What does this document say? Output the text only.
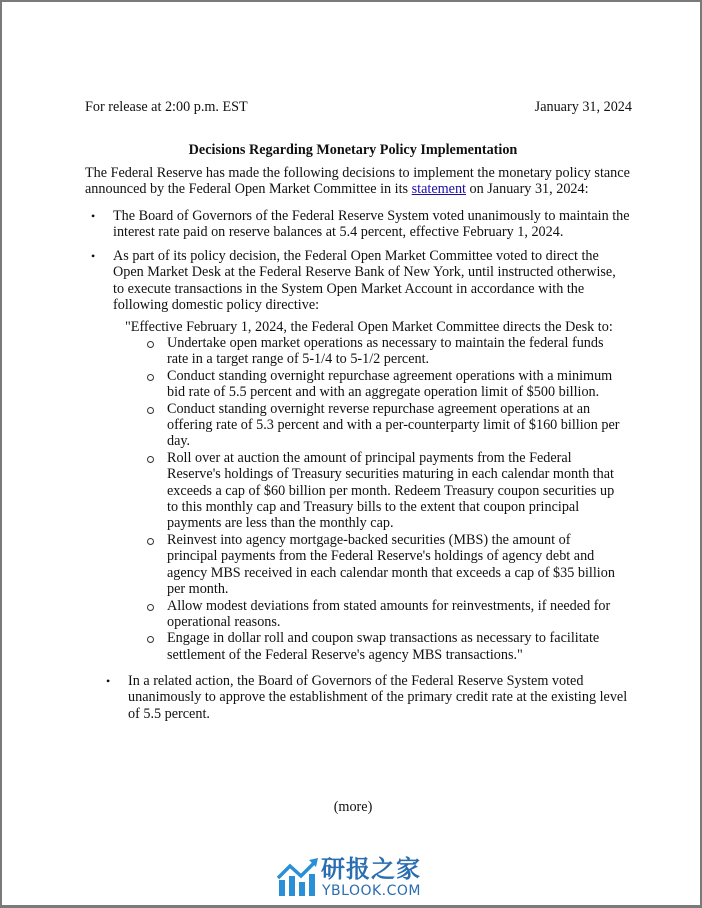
For release at 2:00 p.m. EST	January 31, 2024
Decisions Regarding Monetary Policy Implementation
The Federal Reserve has made the following decisions to implement the monetary policy stance announced by the Federal Open Market Committee in its statement on January 31, 2024:
• The Board of Governors of the Federal Reserve System voted unanimously to maintain the interest rate paid on reserve balances at 5.4 percent, effective February 1, 2024.
• As part of its policy decision, the Federal Open Market Committee voted to direct the Open Market Desk at the Federal Reserve Bank of New York, until instructed otherwise, to execute transactions in the System Open Market Account in accordance with the following domestic policy directive:
"Effective February 1, 2024, the Federal Open Market Committee directs the Desk to:
Undertake open market operations as necessary to maintain the federal funds rate in a target range of 5-1/4 to 5-1/2 percent.
Conduct standing overnight repurchase agreement operations with a minimum bid rate of 5.5 percent and with an aggregate operation limit of $500 billion.
Conduct standing overnight reverse repurchase agreement operations at an offering rate of 5.3 percent and with a per-counterparty limit of $160 billion per day.
Roll over at auction the amount of principal payments from the Federal Reserve's holdings of Treasury securities maturing in each calendar month that exceeds a cap of $60 billion per month. Redeem Treasury coupon securities up to this monthly cap and Treasury bills to the extent that coupon principal payments are less than the monthly cap.
Reinvest into agency mortgage-backed securities (MBS) the amount of principal payments from the Federal Reserve's holdings of agency debt and agency MBS received in each calendar month that exceeds a cap of $35 billion per month.
Allow modest deviations from stated amounts for reinvestments, if needed for operational reasons.
Engage in dollar roll and coupon swap transactions as necessary to facilitate settlement of the Federal Reserve's agency MBS transactions."
• In a related action, the Board of Governors of the Federal Reserve System voted unanimously to approve the establishment of the primary credit rate at the existing level of 5.5 percent.
(more)
研报之家
YBLOOK.COM
